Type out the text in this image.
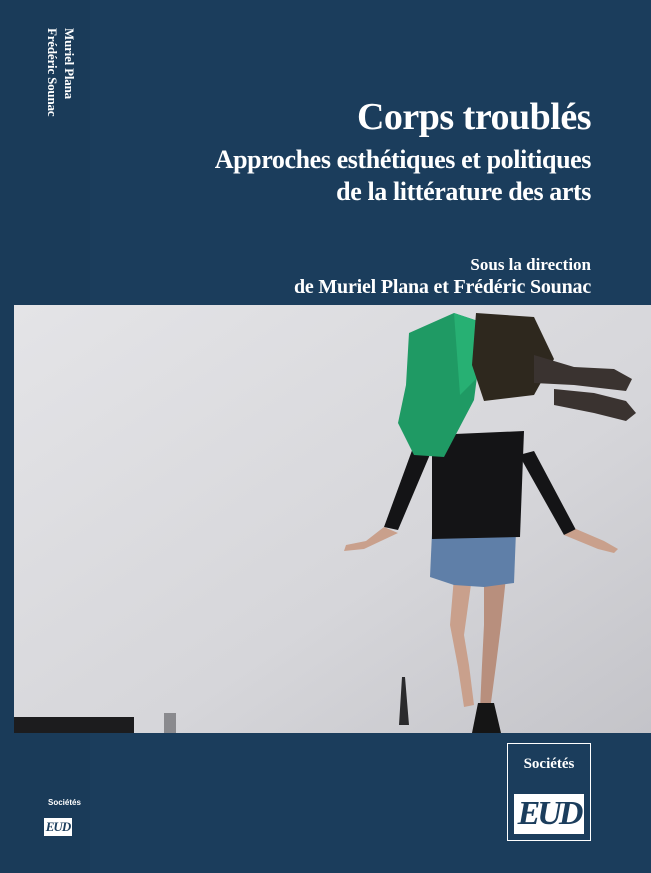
Muriel Plana
Frédéric Sounac
Sociétés
EUD
Corps troublés
Approches esthétiques et politiques
de la littérature des arts
Sous la direction
de Muriel Plana et Frédéric Sounac
Sociétés
EUD
